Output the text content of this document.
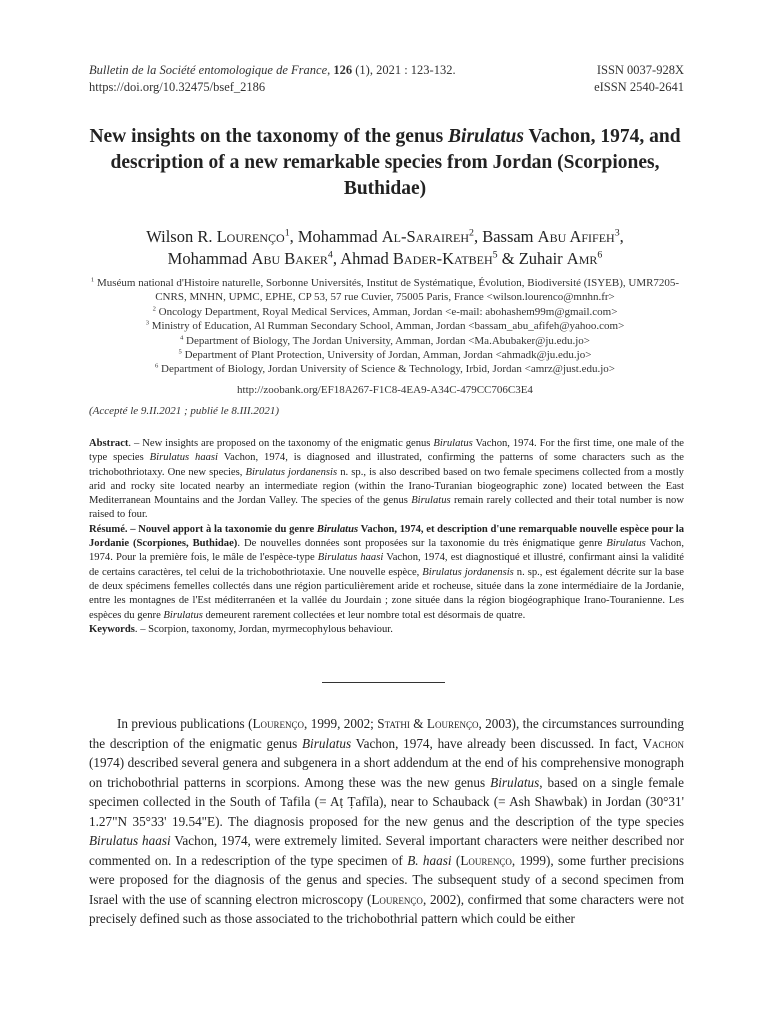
Bulletin de la Société entomologique de France, 126 (1), 2021 : 123-132.
https://doi.org/10.32475/bsef_2186
ISSN 0037-928X
eISSN 2540-2641
New insights on the taxonomy of the genus Birulatus Vachon, 1974, and description of a new remarkable species from Jordan (Scorpiones, Buthidae)
Wilson R. Lourenço$^1$, Mohammad Al-Saraireh$^2$, Bassam Abu Afifeh$^3$,
Mohammad Abu Baker$^4$, Ahmad Bader-Katbeh$^5$ & Zuhair Amr$^6$
$^1$ Muséum national d'Histoire naturelle, Sorbonne Universités, Institut de Systématique, Évolution, Biodiversité (ISYEB), UMR7205-CNRS, MNHN, UPMC, EPHE, CP 53, 57 rue Cuvier, 75005 Paris, France <wilson.lourenco@mnhn.fr>
$^2$ Oncology Department, Royal Medical Services, Amman, Jordan <e-mail: abohashem99m@gmail.com>
$^3$ Ministry of Education, Al Rumman Secondary School, Amman, Jordan <bassam_abu_afifeh@yahoo.com>
$^4$ Department of Biology, The Jordan University, Amman, Jordan <Ma.Abubaker@ju.edu.jo>
$^5$ Department of Plant Protection, University of Jordan, Amman, Jordan <ahmadk@ju.edu.jo>
$^6$ Department of Biology, Jordan University of Science & Technology, Irbid, Jordan <amrz@just.edu.jo>
http://zoobank.org/EF18A267-F1C8-4EA9-A34C-479CC706C3E4
(Accepté le 9.II.2021 ; publié le 8.III.2021)

Abstract. – New insights are proposed on the taxonomy of the enigmatic genus Birulatus Vachon, 1974. For the first time, one male of the type species Birulatus haasi Vachon, 1974, is diagnosed and illustrated, confirming the patterns of some characters such as the trichobothriotaxy. One new species, Birulatus jordanensis n. sp., is also described based on two female specimens collected from a mostly arid and rocky site located nearby an intermediate region (within the Irano-Turanian biogeographic zone) located between the East Mediterranean Mountains and the Jordan Valley. The species of the genus Birulatus remain rarely collected and their total number is now raised to four.

Résumé. – Nouvel apport à la taxonomie du genre Birulatus Vachon, 1974, et description d'une remarquable nouvelle espèce pour la Jordanie (Scorpiones, Buthidae). De nouvelles données sont proposées sur la taxonomie du très énigmatique genre Birulatus Vachon, 1974. Pour la première fois, le mâle de l'espèce-type Birulatus haasi Vachon, 1974, est diagnostiqué et illustré, confirmant ainsi la validité de certains caractères, tel celui de la trichobothriotaxie. Une nouvelle espèce, Birulatus jordanensis n. sp., est également décrite sur la base de deux spécimens femelles collectés dans une région particulièrement aride et rocheuse, située dans la zone intermédiaire de la Jordanie, entre les montagnes de l'Est méditerranéen et la vallée du Jourdain ; zone située dans la région biogéographique Irano-Touranienne. Les espèces du genre Birulatus demeurent rarement collectées et leur nombre total est désormais de quatre.

Keywords. – Scorpion, taxonomy, Jordan, myrmecophylous behaviour.

In previous publications (Lourenço, 1999, 2002; Stathi & Lourenço, 2003), the circumstances surrounding the description of the enigmatic genus Birulatus Vachon, 1974, have already been discussed. In fact, Vachon (1974) described several genera and subgenera in a short addendum at the end of his comprehensive monograph on trichobothrial patterns in scorpions. Among these was the new genus Birulatus, based on a single female specimen collected in the South of Tafila (= Aṭ Ṭafīla), near to Schauback (= Ash Shawbak) in Jordan (30°31' 1.27"N 35°33' 19.54"E). The diagnosis proposed for the new genus and the description of the type species Birulatus haasi Vachon, 1974, were extremely limited. Several important characters were neither described nor commented on. In a redescription of the type specimen of B. haasi (Lourenço, 1999), some further precisions were proposed for the diagnosis of the genus and species. The subsequent study of a second specimen from Israel with the use of scanning electron microscopy (Lourenço, 2002), confirmed that some characters were not precisely defined such as those associated to the trichobothrial pattern which could be either
